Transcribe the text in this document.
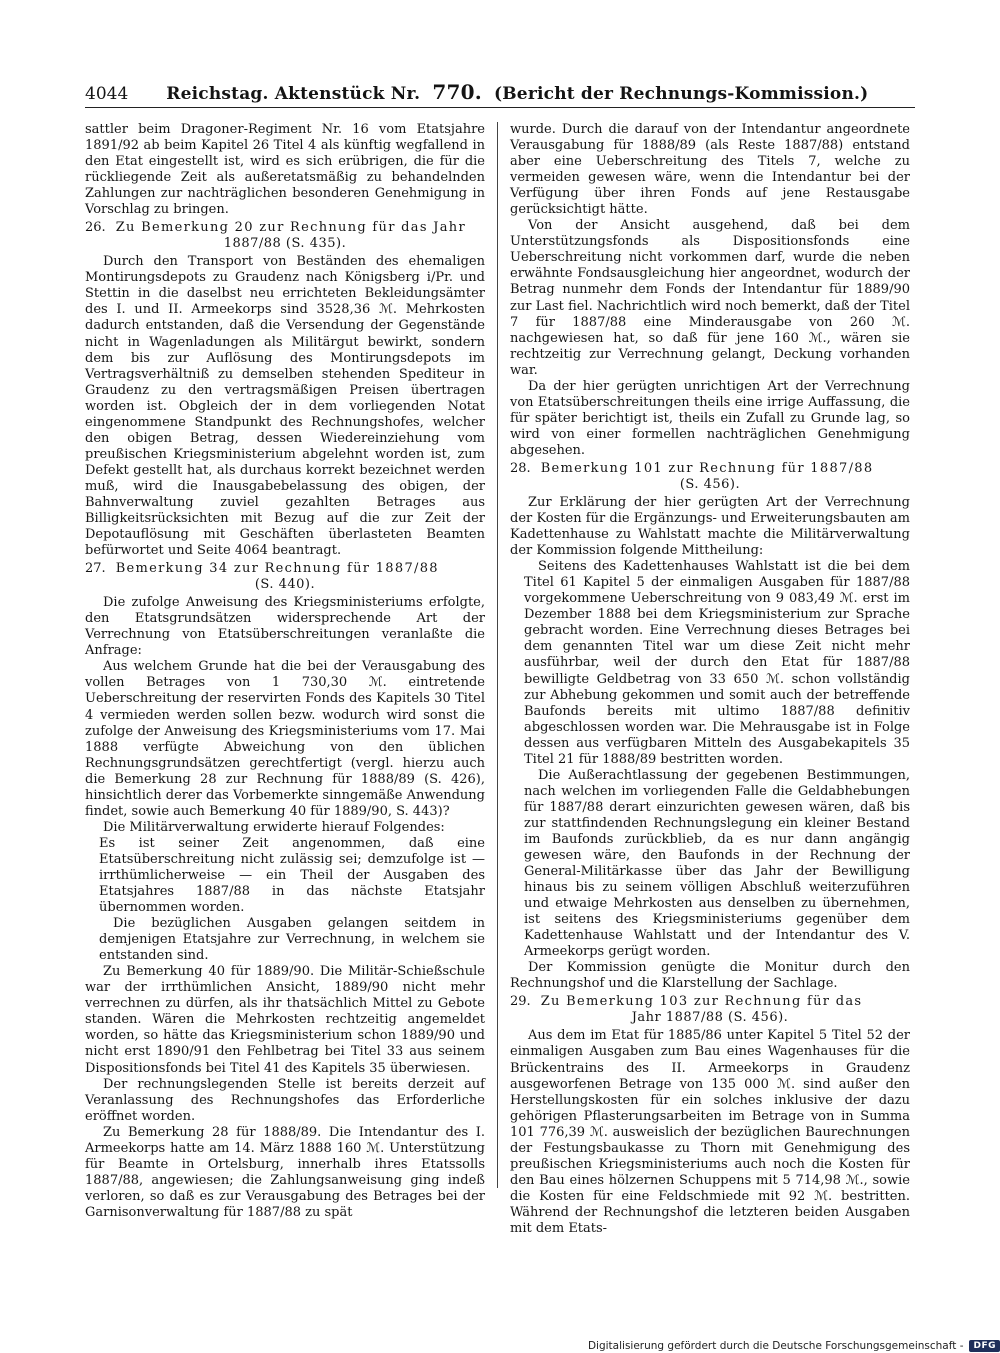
4044 Reichstag. Aktenstück Nr. 770. (Bericht der Rechnungs-Kommission.)

sattler beim Dragoner-Regiment Nr. 16 vom Etatsjahre 1891/92 ab beim Kapitel 26 Titel 4 als künftig wegfallend in den Etat eingestellt ist, wird es sich erübrigen, die für die rückliegende Zeit als außeretatsmäßig zu behandelnden Zahlungen zur nachträglichen besonderen Genehmigung in Vorschlag zu bringen.

26. Zu Bemerkung 20 zur Rechnung für das Jahr
1887/88 (S. 435).

Durch den Transport von Beständen des ehemaligen Montirungsdepots zu Graudenz nach Königsberg i/Pr. und Stettin in die daselbst neu errichteten Bekleidungsämter des I. und II. Armeekorps sind 3528,36 ℳ. Mehrkosten dadurch entstanden, daß die Versendung der Gegenstände nicht in Wagenladungen als Militärgut bewirkt, sondern dem bis zur Auflösung des Montirungsdepots im Vertragsverhältniß zu demselben stehenden Spediteur in Graudenz zu den vertragsmäßigen Preisen übertragen worden ist. Obgleich der in dem vorliegenden Notat eingenommene Standpunkt des Rechnungshofes, welcher den obigen Betrag, dessen Wiedereinziehung vom preußischen Kriegsministerium abgelehnt worden ist, zum Defekt gestellt hat, als durchaus korrekt bezeichnet werden muß, wird die Inausgabebelassung des obigen, der Bahnverwaltung zuviel gezahlten Betrages aus Billigkeitsrücksichten mit Bezug auf die zur Zeit der Depotauflösung mit Geschäften überlasteten Beamten befürwortet und Seite 4064 beantragt.

27. Bemerkung 34 zur Rechnung für 1887/88
(S. 440).

Die zufolge Anweisung des Kriegsministeriums erfolgte, den Etatsgrundsätzen widersprechende Art der Verrechnung von Etatsüberschreitungen veranlaßte die Anfrage:

Aus welchem Grunde hat die bei der Verausgabung des vollen Betrages von 1 730,30 ℳ. eintretende Ueberschreitung der reservirten Fonds des Kapitels 30 Titel 4 vermieden werden sollen bezw. wodurch wird sonst die zufolge der Anweisung des Kriegsministeriums vom 17. Mai 1888 verfügte Abweichung von den üblichen Rechnungsgrundsätzen gerechtfertigt (vergl. hierzu auch die Bemerkung 28 zur Rechnung für 1888/89 (S. 426), hinsichtlich derer das Vorbemerkte sinngemäße Anwendung findet, sowie auch Bemerkung 40 für 1889/90, S. 443)?

Die Militärverwaltung erwiderte hierauf Folgendes:

Es ist seiner Zeit angenommen, daß eine Etatsüberschreitung nicht zulässig sei; demzufolge ist — irrthümlicherweise — ein Theil der Ausgaben des Etatsjahres 1887/88 in das nächste Etatsjahr übernommen worden.

Die bezüglichen Ausgaben gelangen seitdem in demjenigen Etatsjahre zur Verrechnung, in welchem sie entstanden sind.

Zu Bemerkung 40 für 1889/90. Die Militär-Schießschule war der irrthümlichen Ansicht, 1889/90 nicht mehr verrechnen zu dürfen, als ihr thatsächlich Mittel zu Gebote standen. Wären die Mehrkosten rechtzeitig angemeldet worden, so hätte das Kriegsministerium schon 1889/90 und nicht erst 1890/91 den Fehlbetrag bei Titel 33 aus seinem Dispositionsfonds bei Titel 41 des Kapitels 35 überwiesen.

Der rechnungslegenden Stelle ist bereits derzeit auf Veranlassung des Rechnungshofes das Erforderliche eröffnet worden.

Zu Bemerkung 28 für 1888/89. Die Intendantur des I. Armeekorps hatte am 14. März 1888 160 ℳ. Unterstützung für Beamte in Ortelsburg, innerhalb ihres Etatssolls 1887/88, angewiesen; die Zahlungsanweisung ging indeß verloren, so daß es zur Verausgabung des Betrages bei der Garnisonverwaltung für 1887/88 zu spät

wurde. Durch die darauf von der Intendantur angeordnete Verausgabung für 1888/89 (als Reste 1887/88) entstand aber eine Ueberschreitung des Titels 7, welche zu vermeiden gewesen wäre, wenn die Intendantur bei der Verfügung über ihren Fonds auf jene Restausgabe gerücksichtigt hätte.

Von der Ansicht ausgehend, daß bei dem Unterstützungsfonds als Dispositionsfonds eine Ueberschreitung nicht vorkommen darf, wurde die neben erwähnte Fondsausgleichung hier angeordnet, wodurch der Betrag nunmehr dem Fonds der Intendantur für 1889/90 zur Last fiel. Nachrichtlich wird noch bemerkt, daß der Titel 7 für 1887/88 eine Minderausgabe von 260 ℳ. nachgewiesen hat, so daß für jene 160 ℳ., wären sie rechtzeitig zur Verrechnung gelangt, Deckung vorhanden war.

Da der hier gerügten unrichtigen Art der Verrechnung von Etatsüberschreitungen theils eine irrige Auffassung, die für später berichtigt ist, theils ein Zufall zu Grunde lag, so wird von einer formellen nachträglichen Genehmigung abgesehen.

28. Bemerkung 101 zur Rechnung für 1887/88
(S. 456).

Zur Erklärung der hier gerügten Art der Verrechnung der Kosten für die Ergänzungs- und Erweiterungsbauten am Kadettenhause zu Wahlstatt machte die Militärverwaltung der Kommission folgende Mittheilung:

Seitens des Kadettenhauses Wahlstatt ist die bei dem Titel 61 Kapitel 5 der einmaligen Ausgaben für 1887/88 vorgekommene Ueberschreitung von 9 083,49 ℳ. erst im Dezember 1888 bei dem Kriegsministerium zur Sprache gebracht worden. Eine Verrechnung dieses Betrages bei dem genannten Titel war um diese Zeit nicht mehr ausführbar, weil der durch den Etat für 1887/88 bewilligte Geldbetrag von 33 650 ℳ. schon vollständig zur Abhebung gekommen und somit auch der betreffende Baufonds bereits mit ultimo 1887/88 definitiv abgeschlossen worden war. Die Mehrausgabe ist in Folge dessen aus verfügbaren Mitteln des Ausgabekapitels 35 Titel 21 für 1888/89 bestritten worden.

Die Außerachtlassung der gegebenen Bestimmungen, nach welchen im vorliegenden Falle die Geldabhebungen für 1887/88 derart einzurichten gewesen wären, daß bis zur stattfindenden Rechnungslegung ein kleiner Bestand im Baufonds zurückblieb, da es nur dann angängig gewesen wäre, den Baufonds in der Rechnung der General-Militärkasse über das Jahr der Bewilligung hinaus bis zu seinem völligen Abschluß weiterzuführen und etwaige Mehrkosten aus denselben zu übernehmen, ist seitens des Kriegsministeriums gegenüber dem Kadettenhause Wahlstatt und der Intendantur des V. Armeekorps gerügt worden.

Der Kommission genügte die Monitur durch den Rechnungshof und die Klarstellung der Sachlage.

29. Zu Bemerkung 103 zur Rechnung für das
Jahr 1887/88 (S. 456).

Aus dem im Etat für 1885/86 unter Kapitel 5 Titel 52 der einmaligen Ausgaben zum Bau eines Wagenhauses für die Brückentrains des II. Armeekorps in Graudenz ausgeworfenen Betrage von 135 000 ℳ. sind außer den Herstellungskosten für ein solches inklusive der dazu gehörigen Pflasterungsarbeiten im Betrage von in Summa 101 776,39 ℳ. ausweislich der bezüglichen Baurechnungen der Festungsbaukasse zu Thorn mit Genehmigung des preußischen Kriegsministeriums auch noch die Kosten für den Bau eines hölzernen Schuppens mit 5 714,98 ℳ., sowie die Kosten für eine Feldschmiede mit 92 ℳ. bestritten. Während der Rechnungshof die letzteren beiden Ausgaben mit dem Etats-

Digitalisierung gefördert durch die Deutsche Forschungsgemeinschaft -	DFG
